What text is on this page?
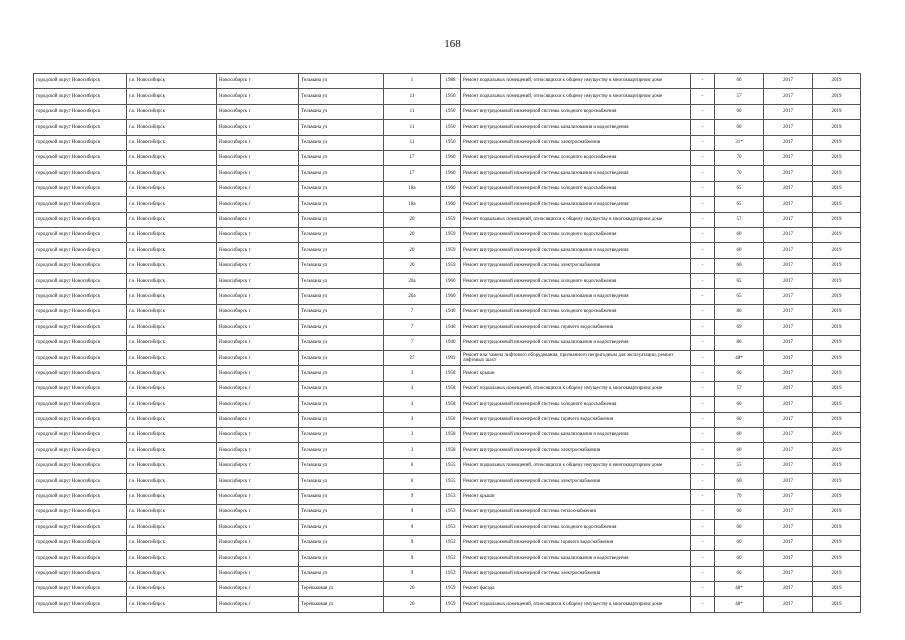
168
городской округ Новосибирск	г.о. Новосибирск	Новосибирск г	Тельмана ул	1	1988	Ремонт подвальных помещений, относящихся к общему имуществу в многоквартирном доме	-	60	2017	2019
городской округ Новосибирск	г.о. Новосибирск	Новосибирск г	Тельмана ул	11	1950	Ремонт подвальных помещений, относящихся к общему имуществу в многоквартирном доме	-	57	2017	2019
городской округ Новосибирск	г.о. Новосибирск	Новосибирск г	Тельмана ул	11	1950	Ремонт внутридомовой инженерной системы холодного водоснабжения	-	60	2017	2019
городской округ Новосибирск	г.о. Новосибирск	Новосибирск г	Тельмана ул	11	1950	Ремонт внутридомовой инженерной системы канализования и водоотведения	-	60	2017	2019
городской округ Новосибирск	г.о. Новосибирск	Новосибирск г	Тельмана ул	11	1950	Ремонт внутридомовой инженерной системы электроснабжения	-	31*	2017	2019
городской округ Новосибирск	г.о. Новосибирск	Новосибирск г	Тельмана ул	17	1960	Ремонт внутридомовой инженерной системы холодного водоснабжения	-	70	2017	2019
городской округ Новосибирск	г.о. Новосибирск	Новосибирск г	Тельмана ул	17	1960	Ремонт внутридомовой инженерной системы канализования и водоотведения	-	70	2017	2019
городской округ Новосибирск	г.о. Новосибирск	Новосибирск г	Тельмана ул	18а	1960	Ремонт внутридомовой инженерной системы холодного водоснабжения	-	65	2017	2019
городской округ Новосибирск	г.о. Новосибирск	Новосибирск г	Тельмана ул	18а	1960	Ремонт внутридомовой инженерной системы канализования и водоотведения	-	65	2017	2019
городской округ Новосибирск	г.о. Новосибирск	Новосибирск г	Тельмана ул	20	1959	Ремонт подвальных помещений, относящихся к общему имуществу в многоквартирном доме	-	57	2017	2019
городской округ Новосибирск	г.о. Новосибирск	Новосибирск г	Тельмана ул	20	1959	Ремонт внутридомовой инженерной системы холодного водоснабжения	-	60	2017	2019
городской округ Новосибирск	г.о. Новосибирск	Новосибирск г	Тельмана ул	20	1959	Ремонт внутридомовой инженерной системы канализования и водоотведения	-	60	2017	2019
городской округ Новосибирск	г.о. Новосибирск	Новосибирск г	Тельмана ул	20	1959	Ремонт внутридомовой инженерной системы электроснабжения	-	60	2017	2019
городской округ Новосибирск	г.о. Новосибирск	Новосибирск г	Тельмана ул	20а	1960	Ремонт внутридомовой инженерной системы холодного водоснабжения	-	65	2017	2019
городской округ Новосибирск	г.о. Новосибирск	Новосибирск г	Тельмана ул	20а	1960	Ремонт внутридомовой инженерной системы канализования и водоотведения	-	65	2017	2019
городской округ Новосибирск	г.о. Новосибирск	Новосибирск г	Тельмана ул	7	1940	Ремонт внутридомовой инженерной системы холодного водоснабжения	-	80	2017	2019
городской округ Новосибирск	г.о. Новосибирск	Новосибирск г	Тельмана ул	7	1940	Ремонт внутридомовой инженерной системы горячего водоснабжения	-	69	2017	2019
городской округ Новосибирск	г.о. Новосибирск	Новосибирск г	Тельмана ул	7	1940	Ремонт внутридомовой инженерной системы канализования и водоотведения	-	80	2017	2019
городской округ Новосибирск	г.о. Новосибирск	Новосибирск г	Тельмана ул	27	1993	Ремонт или замена лифтового оборудования, признанного непригодным для эксплуатации, ремонт лифтовых шахт	-	40*	2017	2019
городской округ Новосибирск	г.о. Новосибирск	Новосибирск г	Тельмана ул	3	1958	Ремонт крыши	-	60	2017	2019
городской округ Новосибирск	г.о. Новосибирск	Новосибирск г	Тельмана ул	3	1958	Ремонт подвальных помещений, относящихся к общему имуществу в многоквартирном доме	-	57	2017	2019
городской округ Новосибирск	г.о. Новосибирск	Новосибирск г	Тельмана ул	3	1958	Ремонт внутридомовой инженерной системы холодного водоснабжения	-	60	2017	2019
городской округ Новосибирск	г.о. Новосибирск	Новосибирск г	Тельмана ул	3	1958	Ремонт внутридомовой инженерной системы горячего водоснабжения	-	60	2017	2019
городской округ Новосибирск	г.о. Новосибирск	Новосибирск г	Тельмана ул	3	1958	Ремонт внутридомовой инженерной системы канализования и водоотведения	-	60	2017	2019
городской округ Новосибирск	г.о. Новосибирск	Новосибирск г	Тельмана ул	3	1958	Ремонт внутридомовой инженерной системы электроснабжения	-	60	2017	2019
городской округ Новосибирск	г.о. Новосибирск	Новосибирск г	Тельмана ул	6	1955	Ремонт подвальных помещений, относящихся к общему имуществу в многоквартирном доме	-	55	2017	2019
городской округ Новосибирск	г.о. Новосибирск	Новосибирск г	Тельмана ул	6	1955	Ремонт внутридомовой инженерной системы электроснабжения	-	60	2017	2019
городской округ Новосибирск	г.о. Новосибирск	Новосибирск г	Тельмана ул	9	1953	Ремонт крыши	-	70	2017	2019
городской округ Новосибирск	г.о. Новосибирск	Новосибирск г	Тельмана ул	9	1953	Ремонт внутридомовой инженерной системы теплоснабжения	-	60	2017	2019
городской округ Новосибирск	г.о. Новосибирск	Новосибирск г	Тельмана ул	9	1953	Ремонт внутридомовой инженерной системы холодного водоснабжения	-	60	2017	2019
городской округ Новосибирск	г.о. Новосибирск	Новосибирск г	Тельмана ул	9	1953	Ремонт внутридомовой инженерной системы горячего водоснабжения	-	60	2017	2019
городской округ Новосибирск	г.о. Новосибирск	Новосибирск г	Тельмана ул	9	1953	Ремонт внутридомовой инженерной системы канализования и водоотведения	-	60	2017	2019
городской округ Новосибирск	г.о. Новосибирск	Новосибирск г	Тельмана ул	9	1953	Ремонт внутридомовой инженерной системы электроснабжения	-	60	2017	2019
городской округ Новосибирск	г.о. Новосибирск	Новосибирск г	Тереньковая ул	20	1959	Ремонт фасада	-	40*	2017	2019
городской округ Новосибирск	г.о. Новосибирск	Новосибирск г	Тереньковая ул	20	1959	Ремонт подвальных помещений, относящихся к общему имуществу в многоквартирном доме	-	40*	2017	2019
